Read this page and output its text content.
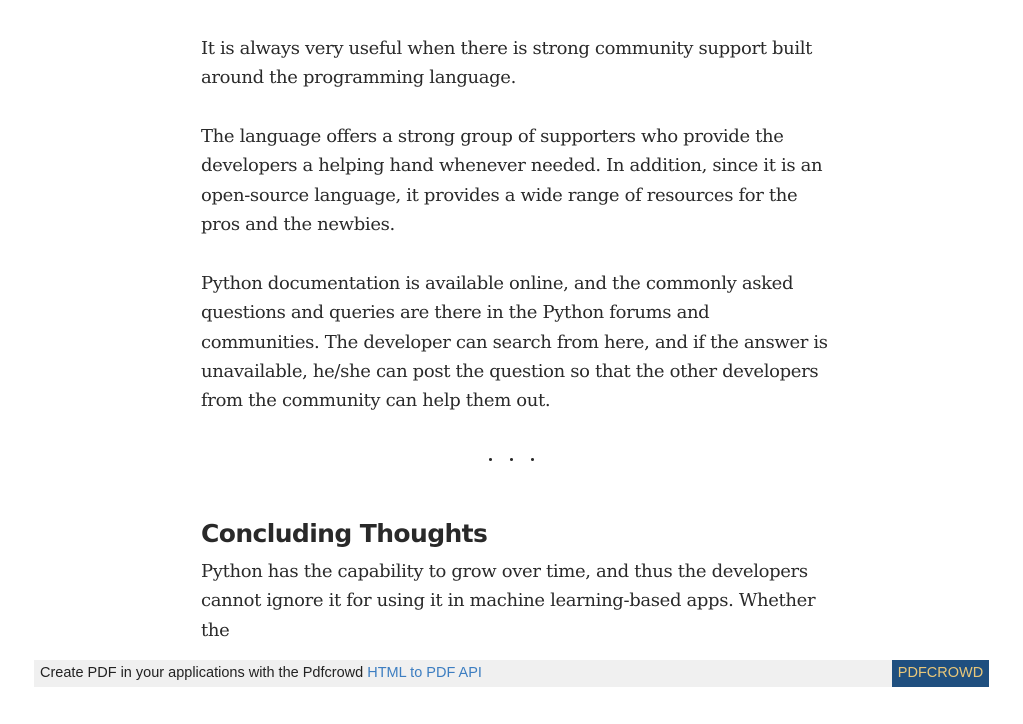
It is always very useful when there is strong community support built around the programming language.

The language offers a strong group of supporters who provide the developers a helping hand whenever needed. In addition, since it is an open-source language, it provides a wide range of resources for the pros and the newbies.

Python documentation is available online, and the commonly asked questions and queries are there in the Python forums and communities. The developer can search from here, and if the answer is unavailable, he/she can post the question so that the other developers from the community can help them out.

Concluding Thoughts

Python has the capability to grow over time, and thus the developers cannot ignore it for using it in machine learning-based apps. Whether the

Create PDF in your applications with the Pdfcrowd HTML to PDF API	PDFCROWD
